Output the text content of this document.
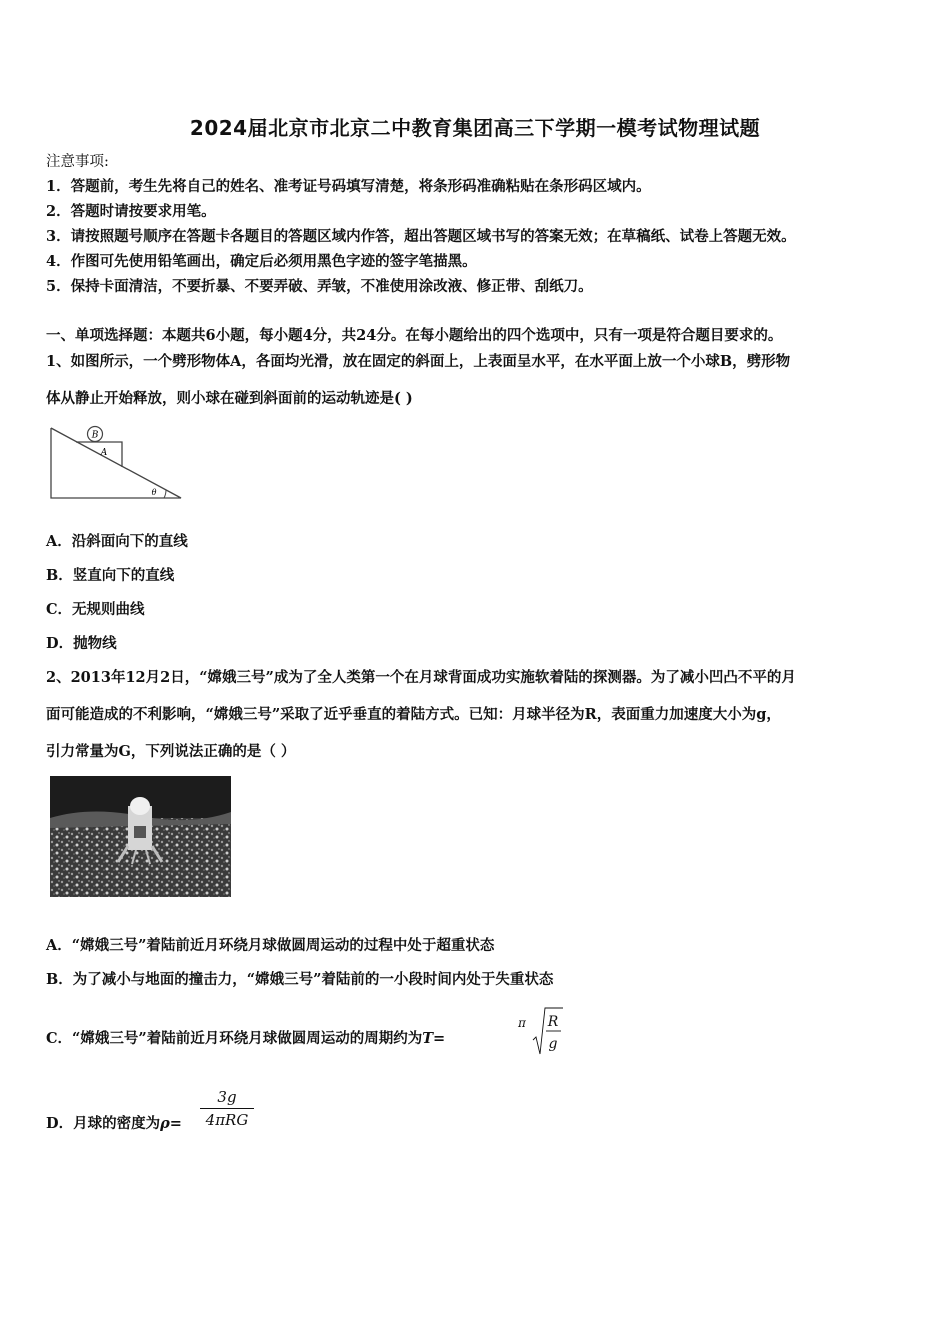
2024届北京市北京二中教育集团高三下学期一模考试物理试题
注意事项:
1．答题前，考生先将自己的姓名、准考证号码填写清楚，将条形码准确粘贴在条形码区域内。
2．答题时请按要求用笔。
3．请按照题号顺序在答题卡各题目的答题区域内作答，超出答题区域书写的答案无效；在草稿纸、试卷上答题无效。
4．作图可先使用铅笔画出，确定后必须用黑色字迹的签字笔描黑。
5．保持卡面清洁，不要折暴、不要弄破、弄皱，不准使用涂改液、修正带、刮纸刀。
一、单项选择题：本题共6小题，每小题4分，共24分。在每小题给出的四个选项中，只有一项是符合题目要求的。
1、如图所示，一个劈形物体A，各面均光滑，放在固定的斜面上，上表面呈水平，在水平面上放一个小球B，劈形物
体从静止开始释放，则小球在碰到斜面前的运动轨迹是( )
B
A
θ
A．沿斜面向下的直线
B．竖直向下的直线
C．无规则曲线
D．抛物线
2、2013年12月2日，“嫦娥三号”成为了全人类第一个在月球背面成功实施软着陆的探测器。为了减小凹凸不平的月
面可能造成的不利影响，“嫦娥三号”采取了近乎垂直的着陆方式。已知：月球半径为R，表面重力加速度大小为g，
引力常量为G，下列说法正确的是（ ）
A．“嫦娥三号”着陆前近月环绕月球做圆周运动的过程中处于超重状态
B．为了减小与地面的撞击力，“嫦娥三号”着陆前的一小段时间内处于失重状态
C．“嫦娥三号”着陆前近月环绕月球做圆周运动的周期约为T=
π R
g
D．月球的密度为ρ=
3g
4πRG
